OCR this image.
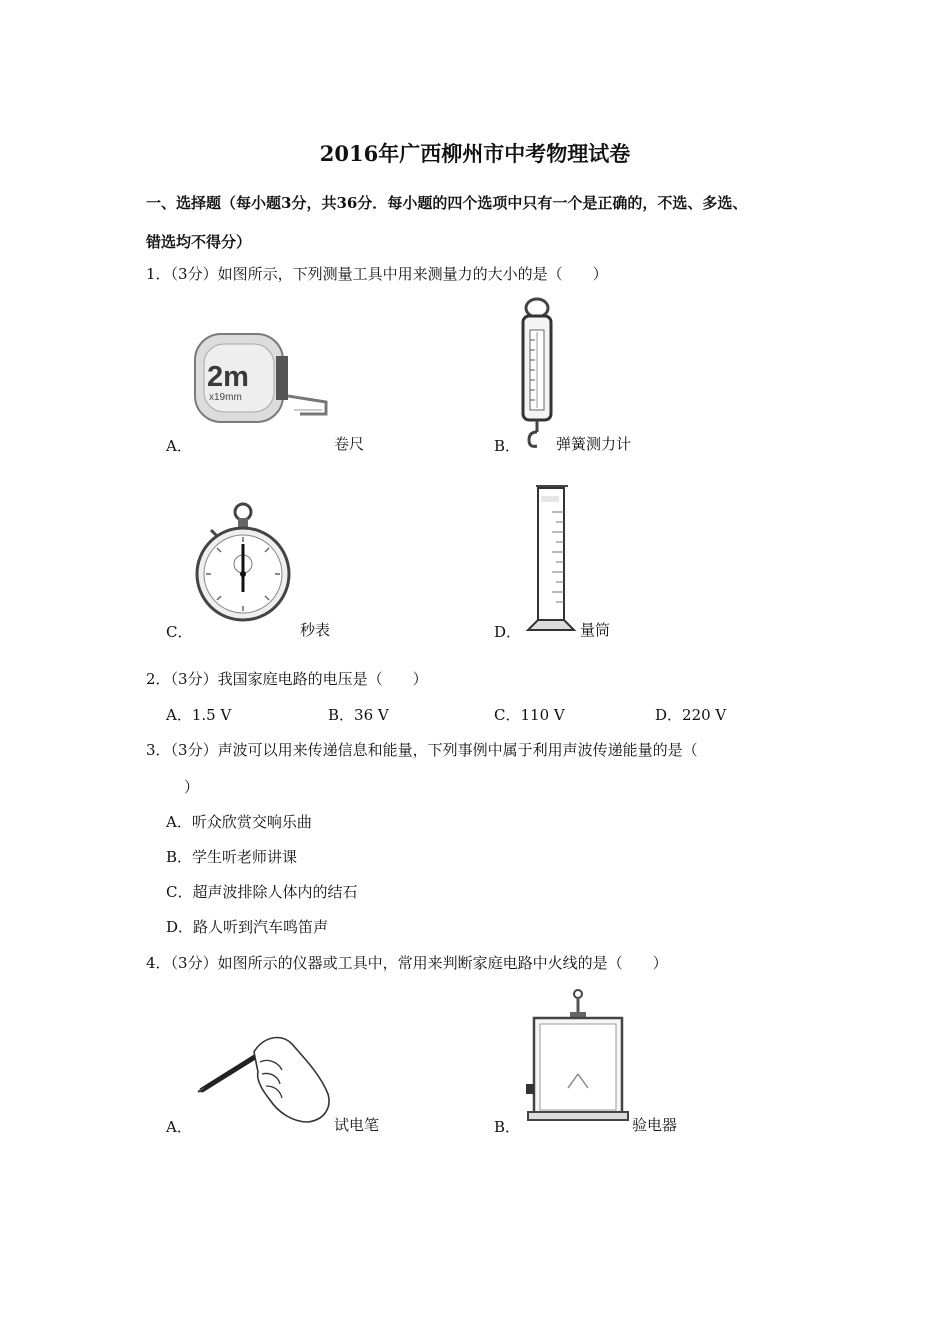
2016年广西柳州市中考物理试卷
一、选择题（每小题3分，共36分．每小题的四个选项中只有一个是正确的，不选、多选、
错选均不得分）
1．（3分）如图所示，下列测量工具中用来测量力的大小的是（　　）
2m
x19mm
A．	卷尺	B． 弹簧测力计
C．	秒表	D．	量筒
2．（3分）我国家庭电路的电压是（　　）
A．1.5 V	B．36 V	C．110 V	D．220 V
3．（3分）声波可以用来传递信息和能量，下列事例中属于利用声波传递能量的是（
）
A．听众欣赏交响乐曲
B．学生听老师讲课
C．超声波排除人体内的结石
D．路人听到汽车鸣笛声
4．（3分）如图所示的仪器或工具中，常用来判断家庭电路中火线的是（　　）
A．	试电笔	B．	验电器
